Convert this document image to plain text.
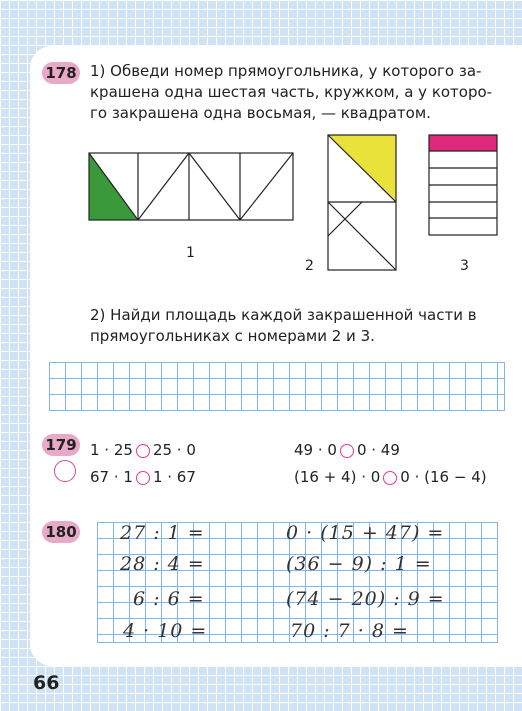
178 1) Обведи номер прямоугольника, у которого за-
крашена одна шестая часть, кружком, а у которо-
го закрашена одна восьмая, — квадратом.
1
2	3
2) Найди площадь каждой закрашенной части в
прямоугольниках с номерами 2 и 3.
179 1 · 25 25 · 0
67 · 1 1 · 67
49 · 0 0 · 49
(16 + 4) · 0 0 · (16 − 4)
180 27 : 1 =
28 : 4 =
6 : 6 =
4 · 10 =
0 · (15 + 47) =
(36 − 9) : 1 =
(74 − 20) : 9 =
70 : 7 · 8 =
66
